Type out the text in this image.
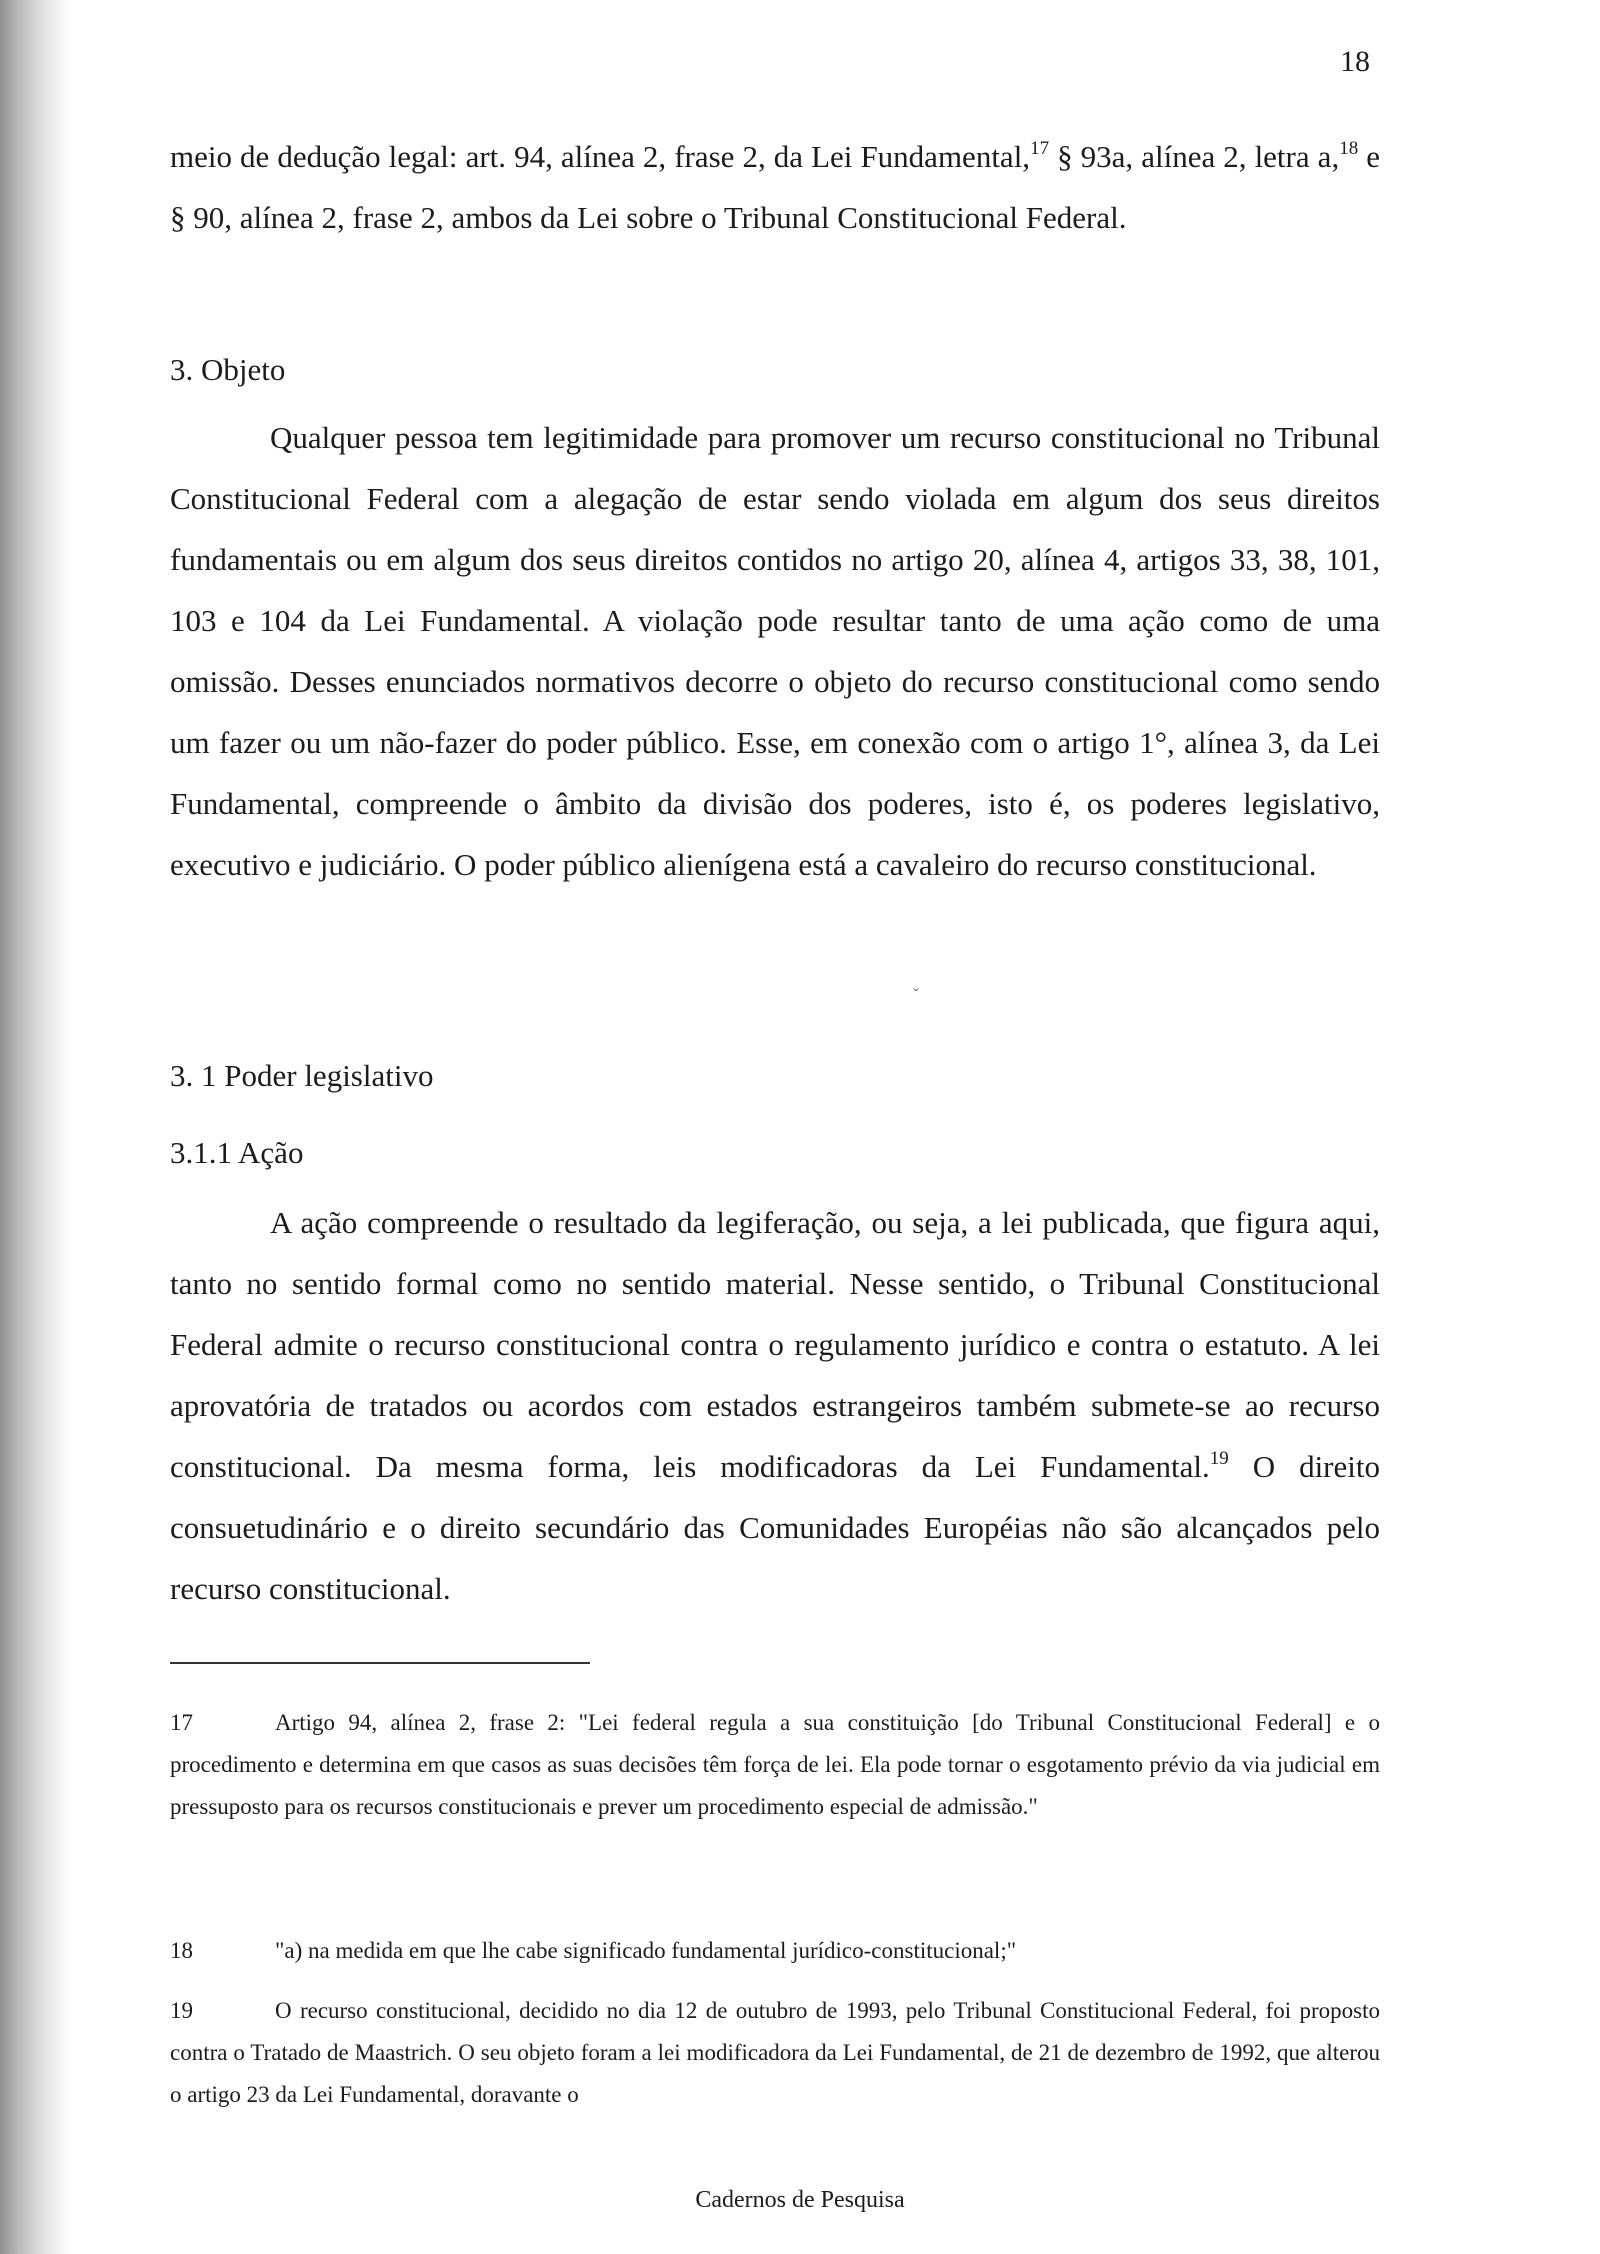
18

meio de dedução legal: art. 94, alínea 2, frase 2, da Lei Fundamental,$^{17}$ § 93a, alínea 2, letra a,$^{18}$ e § 90, alínea 2, frase 2, ambos da Lei sobre o Tribunal Constitucional Federal.

3. Objeto

Qualquer pessoa tem legitimidade para promover um recurso constitucional no Tribunal Constitucional Federal com a alegação de estar sendo violada em algum dos seus direitos fundamentais ou em algum dos seus direitos contidos no artigo 20, alínea 4, artigos 33, 38, 101, 103 e 104 da Lei Fundamental. A violação pode resultar tanto de uma ação como de uma omissão. Desses enunciados normativos decorre o objeto do recurso constitucional como sendo um fazer ou um não-fazer do poder público. Esse, em conexão com o artigo 1°, alínea 3, da Lei Fundamental, compreende o âmbito da divisão dos poderes, isto é, os poderes legislativo, executivo e judiciário. O poder público alienígena está a cavaleiro do recurso constitucional.

ˇ
3. 1 Poder legislativo
3.1.1 Ação

A ação compreende o resultado da legiferação, ou seja, a lei publicada, que figura aqui, tanto no sentido formal como no sentido material. Nesse sentido, o Tribunal Constitucional Federal admite o recurso constitucional contra o regulamento jurídico e contra o estatuto. A lei aprovatória de tratados ou acordos com estados estrangeiros também submete-se ao recurso constitucional. Da mesma forma, leis modificadoras da Lei Fundamental.$^{19}$ O direito consuetudinário e o direito secundário das Comunidades Européias não são alcançados pelo recurso constitucional.

17	Artigo 94, alínea 2, frase 2: "Lei federal regula a sua constituição [do Tribunal Constitucional Federal] e o procedimento e determina em que casos as suas decisões têm força de lei. Ela pode tornar o esgotamento prévio da via judicial em pressuposto para os recursos constitucionais e prever um procedimento especial de admissão."

18	"a) na medida em que lhe cabe significado fundamental jurídico-constitucional;"

19	O recurso constitucional, decidido no dia 12 de outubro de 1993, pelo Tribunal Constitucional Federal, foi proposto contra o Tratado de Maastrich. O seu objeto foram a lei modificadora da Lei Fundamental, de 21 de dezembro de 1992, que alterou o artigo 23 da Lei Fundamental, doravante o

Cadernos de Pesquisa
